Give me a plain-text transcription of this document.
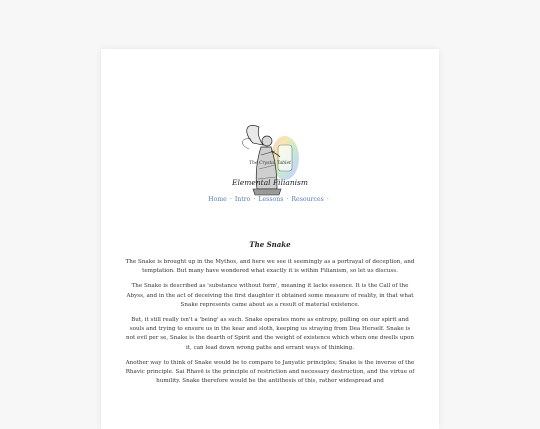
The Crystal Tablet
Elemental Filianism
Home · Intro · Lessons · Resources ·
The Snake

The Snake is brought up in the Mythos, and here we see it seemingly as a portrayal of deception, and temptation. But many have wondered what exactly it is within Filianism, so let us discuss.

The Snake is described as 'substance without form', meaning it lacks essence. It is the Call of the Abyss, and in the act of deceiving the first daughter it obtained some measure of reality, in that what Snake represents came about as a result of material existence.

But, it still really isn't a 'being' as such. Snake operates more as entropy, pulling on our spirit and souls and trying to ensure us in the kear and sloth, keeping us straying from Dea Herself. Snake is not evil per se, Snake is the dearth of Spirit and the weight of existence which when one dwells upon it, can lead down wrong paths and errant ways of thinking.

Another way to think of Snake would be to compare to Janyatic principles; Snake is the inverse of the Rhavic principle. Sai Rhavë is the principle of restriction and necessary destruction, and the virtue of humility. Snake therefore would be the antithesis of this, rather widespread and
